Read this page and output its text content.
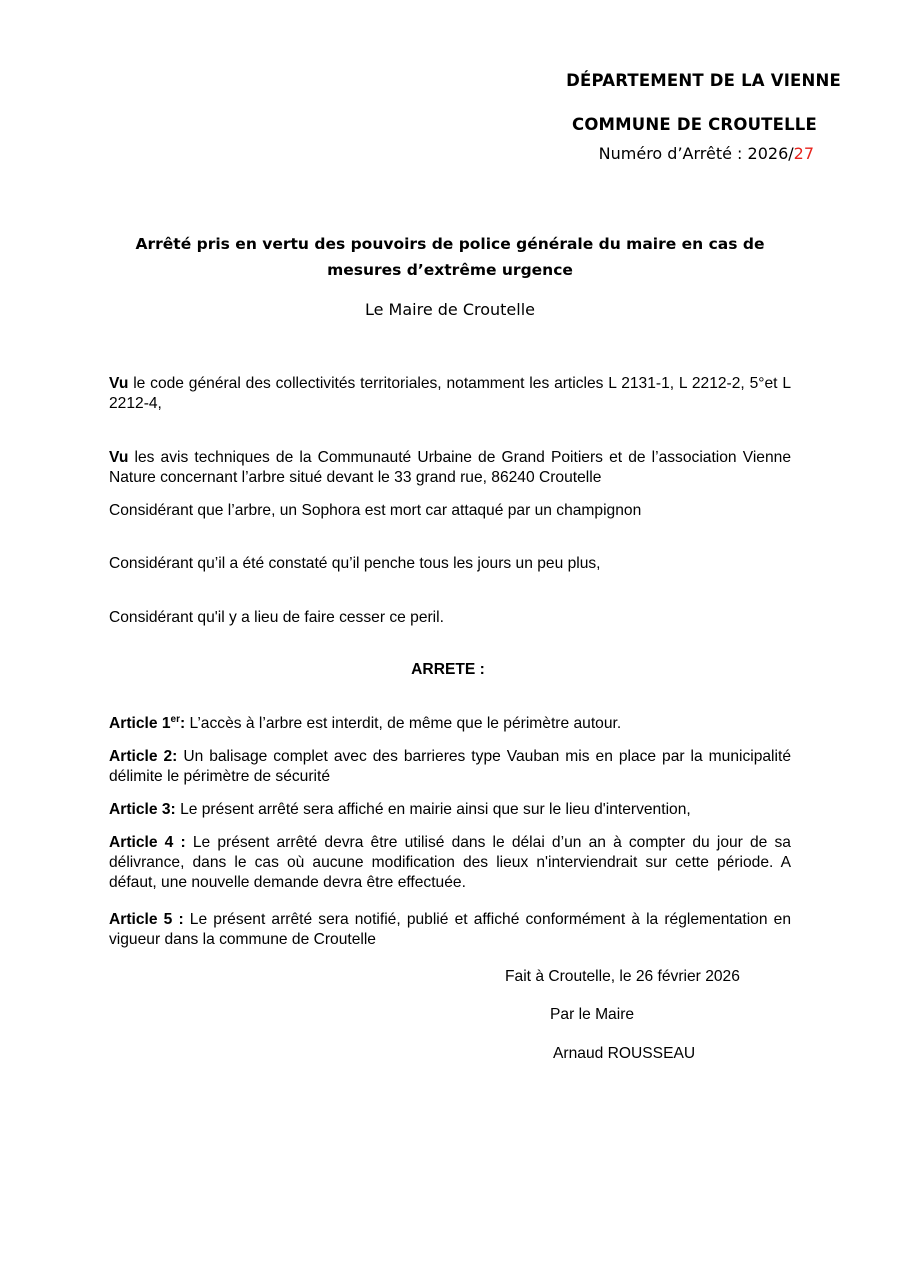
DÉPARTEMENT DE LA VIENNE

COMMUNE DE CROUTELLE

Numéro d’Arrêté : 2026/27

Arrêté pris en vertu des pouvoirs de police générale du maire en cas de mesures d’extrême urgence

Le Maire de Croutelle

Vu le code général des collectivités territoriales, notamment les articles L 2131-1, L 2212-2, 5°et L 2212-4,

Vu les avis techniques de la Communauté Urbaine de Grand Poitiers et de l’association Vienne Nature concernant l’arbre situé devant le 33 grand rue, 86240 Croutelle

Considérant que l’arbre, un Sophora est mort car attaqué par un champignon

Considérant qu’il a été constaté qu’il penche tous les jours un peu plus,

Considérant qu'il y a lieu de faire cesser ce peril.

ARRETE :

Article 1er: L’accès à l’arbre est interdit, de même que le périmètre autour.

Article 2: Un balisage complet avec des barrieres type Vauban mis en place par la municipalité délimite le périmètre de sécurité

Article 3: Le présent arrêté sera affiché en mairie ainsi que sur le lieu d'intervention,

Article 4 : Le présent arrêté devra être utilisé dans le délai d’un an à compter du jour de sa délivrance, dans le cas où aucune modification des lieux n'interviendrait sur cette période. A défaut, une nouvelle demande devra être effectuée.

Article 5 : Le présent arrêté sera notifié, publié et affiché conformément à la réglementation en vigueur dans la commune de Croutelle

Fait à Croutelle, le 26 février 2026

Par le Maire

Arnaud ROUSSEAU
